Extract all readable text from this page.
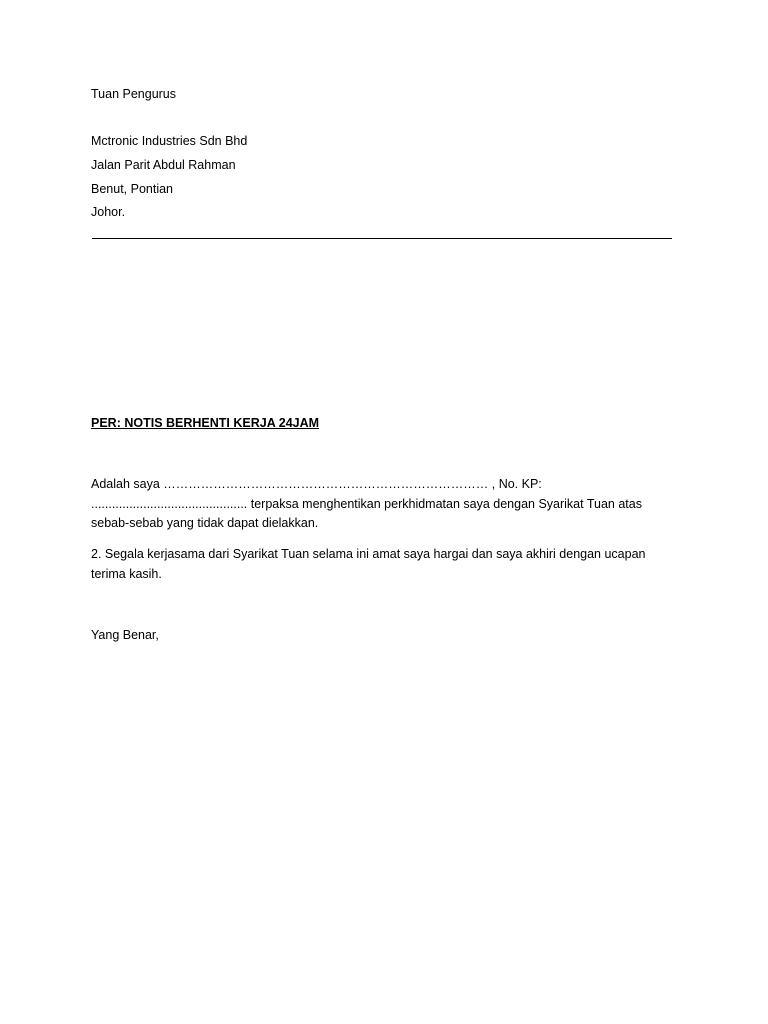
Tuan Pengurus
Mctronic Industries Sdn Bhd
Jalan Parit Abdul Rahman
Benut, Pontian
Johor.
PER: NOTIS BERHENTI KERJA 24JAM
Adalah saya …………………………………………………………………… , No. KP: ............................................. terpaksa menghentikan perkhidmatan saya dengan Syarikat Tuan atas sebab-sebab yang tidak dapat dielakkan.
2. Segala kerjasama dari Syarikat Tuan selama ini amat saya hargai dan saya akhiri dengan ucapan terima kasih.
Yang Benar,
